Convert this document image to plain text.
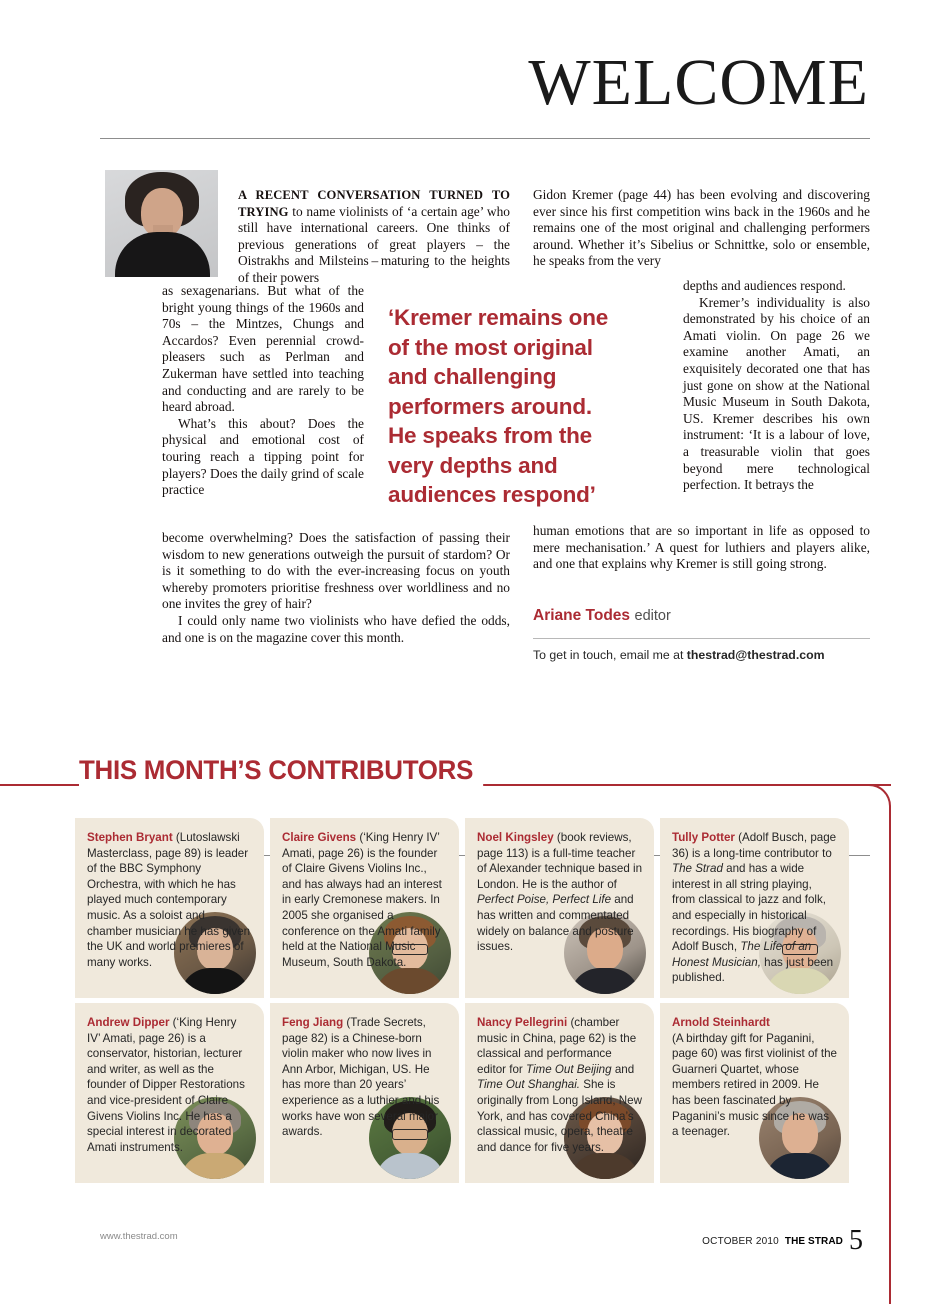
WELCOME

A RECENT CONVERSATION TURNED TO TRYING to name violinists of ‘a certain age’ who still have international careers. One thinks of previous generations of great players – the Oistrakhs and Milsteins – maturing to the heights of their powers

as sexagenarians. But what of the bright young things of the 1960s and 70s – the Mintzes, Chungs and Accardos? Even perennial crowd-pleasers such as Perlman and Zukerman have settled into teaching and conducting and are rarely to be heard abroad.

What’s this about? Does the physical and emotional cost of touring reach a tipping point for players? Does the daily grind of scale practice

become overwhelming? Does the satisfaction of passing their wisdom to new generations outweigh the pursuit of stardom? Or is it something to do with the ever-increasing focus on youth whereby promoters prioritise freshness over worldliness and no one invites the grey of hair?

I could only name two violinists who have defied the odds, and one is on the magazine cover this month.

Gidon Kremer (page 44) has been evolving and discovering ever since his first competition wins back in the 1960s and he remains one of the most original and challenging performers around. Whether it’s Sibelius or Schnittke, solo or ensemble, he speaks from the very

depths and audiences respond.

Kremer’s individuality is also demonstrated by his choice of an Amati violin. On page 26 we examine another Amati, an exquisitely decorated one that has just gone on show at the National Music Museum in South Dakota, US. Kremer describes his own instrument: ‘It is a labour of love, a treasurable violin that goes beyond mere technological perfection. It betrays the

human emotions that are so important in life as opposed to mere mechanisation.’ A quest for luthiers and players alike, and one that explains why Kremer is still going strong.

‘Kremer remains one of the most original and challenging performers around. He speaks from the very depths and audiences respond’
Ariane Todes editor
To get in touch, email me at thestrad@thestrad.com
THIS MONTH’S CONTRIBUTORS
Stephen Bryant (Lutoslawski Masterclass, page 89) is leader of the BBC Symphony Orchestra, with which he has played much contemporary music. As a soloist and chamber musician he has given the UK and world premieres of many works.
Claire Givens (‘King Henry IV’ Amati, page 26) is the founder of Claire Givens Violins Inc., and has always had an interest in early Cremonese makers. In 2005 she organised a conference on the Amati family held at the National Music Museum, South Dakota.
Noel Kingsley (book reviews, page 113) is a full-time teacher of Alexander technique based in London. He is the author of Perfect Poise, Perfect Life and has written and commentated widely on balance and posture issues.
Tully Potter (Adolf Busch, page 36) is a long-time contributor to The Strad and has a wide interest in all string playing, from classical to jazz and folk, and especially in historical recordings. His biography of Adolf Busch, The Life of an Honest Musician, has just been published.
Andrew Dipper (‘King Henry IV’ Amati, page 26) is a conservator, historian, lecturer and writer, as well as the founder of Dipper Restorations and vice-president of Claire Givens Violins Inc. He has a special interest in decorated Amati instruments.
Feng Jiang (Trade Secrets, page 82) is a Chinese-born violin maker who now lives in Ann Arbor, Michigan, US. He has more than 20 years’ experience as a luthier and his works have won several major awards.
Nancy Pellegrini (chamber music in China, page 62) is the classical and performance editor for Time Out Beijing and Time Out Shanghai. She is originally from Long Island, New York, and has covered China’s classical music, opera, theatre and dance for five years.
Arnold Steinhardt
(A birthday gift for Paganini, page 60) was first violinist of the Guarneri Quartet, whose members retired in 2009. He has been fascinated by Paganini’s music since he was a teenager.
www.thestrad.com	OCTOBER 2010 THE STRAD 5
